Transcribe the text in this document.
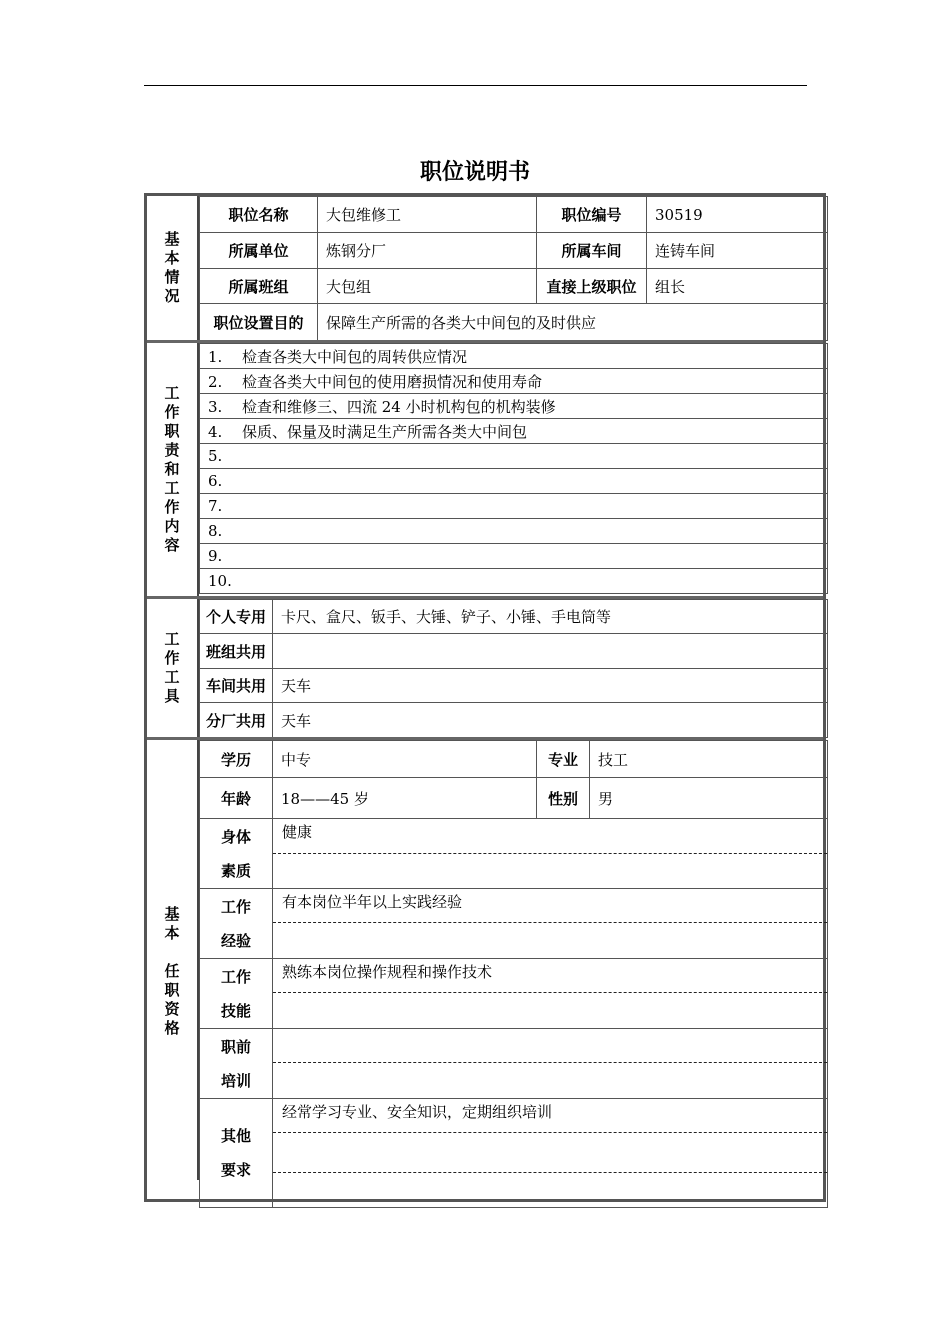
职位说明书
基
本
情
况
职位名称	大包维修工	职位编号	30519
所属单位	炼钢分厂	所属车间	连铸车间
所属班组	大包组	直接上级职位	组长
职位设置目的	保障生产所需的各类大中间包的及时供应		
工
作
职
责
和
工
作
内
容
1. 检查各类大中间包的周转供应情况
2. 检查各类大中间包的使用磨损情况和使用寿命
3. 检查和维修三、四流 24 小时机构包的机构装修
4. 保质、保量及时满足生产所需各类大中间包
5.
6.
7.
8.
9.
10.
工
作
工
具
个人专用	卡尺、盒尺、钣手、大锤、铲子、小锤、手电筒等
班组共用	
车间共用	天车
分厂共用	天车
基
本

任
职
资
格
学历	中专	专业	技工
年龄	18——45 岁	性别	男

身体
素质	健康		

工作
经验	有本岗位半年以上实践经验		

工作
技能	熟练本岗位操作规程和操作技术		

职前
培训			

其他
要求	经常学习专业、安全知识，定期组织培训		
